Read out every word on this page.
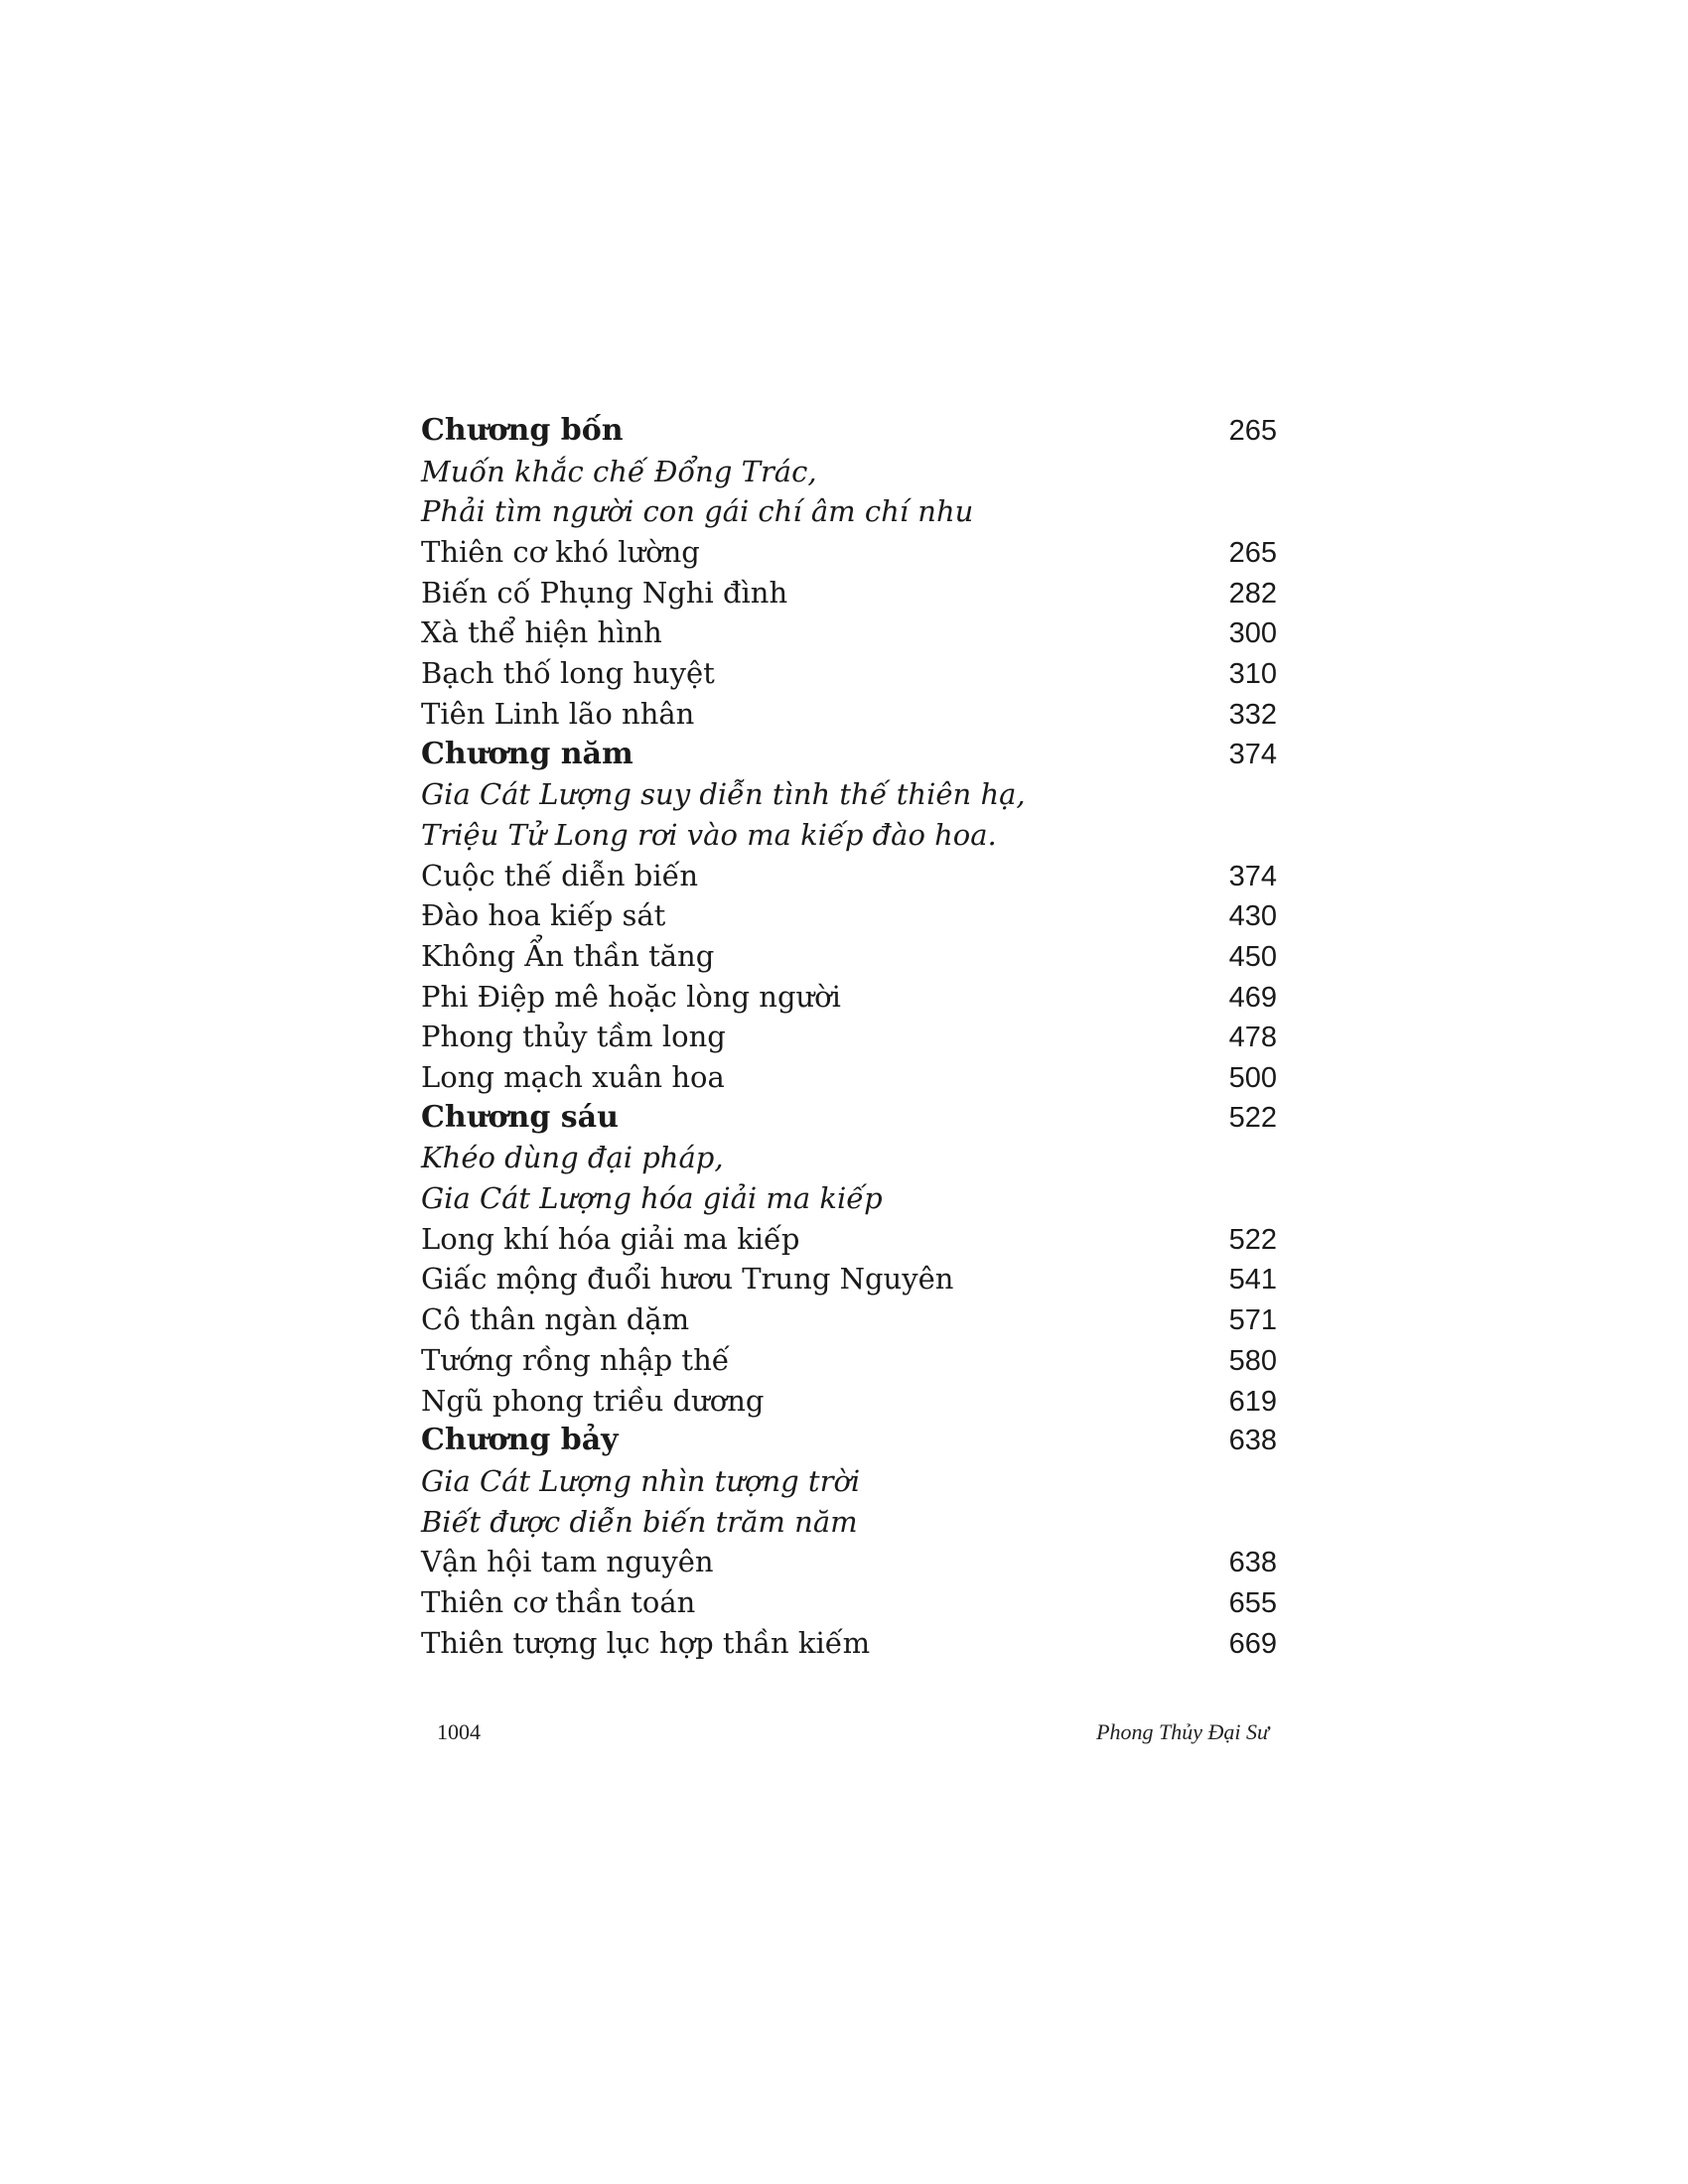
Chương bốn	265
Muốn khắc chế Đổng Trác,
Phải tìm người con gái chí âm chí nhu
Thiên cơ khó lường	265
Biến cố Phụng Nghi đình	282
Xà thể hiện hình	300
Bạch thố long huyệt	310
Tiên Linh lão nhân	332
Chương năm	374
Gia Cát Lượng suy diễn tình thế thiên hạ,
Triệu Tử Long rơi vào ma kiếp đào hoa.
Cuộc thế diễn biến	374
Đào hoa kiếp sát	430
Không Ẩn thần tăng	450
Phi Điệp mê hoặc lòng người	469
Phong thủy tầm long	478
Long mạch xuân hoa	500
Chương sáu	522
Khéo dùng đại pháp,
Gia Cát Lượng hóa giải ma kiếp
Long khí hóa giải ma kiếp	522
Giấc mộng đuổi hươu Trung Nguyên	541
Cô thân ngàn dặm	571
Tướng rồng nhập thế	580
Ngũ phong triều dương	619
Chương bảy	638
Gia Cát Lượng nhìn tượng trời
Biết được diễn biến trăm năm
Vận hội tam nguyên	638
Thiên cơ thần toán	655
Thiên tượng lục hợp thần kiếm	669
1004	Phong Thủy Đại Sư
